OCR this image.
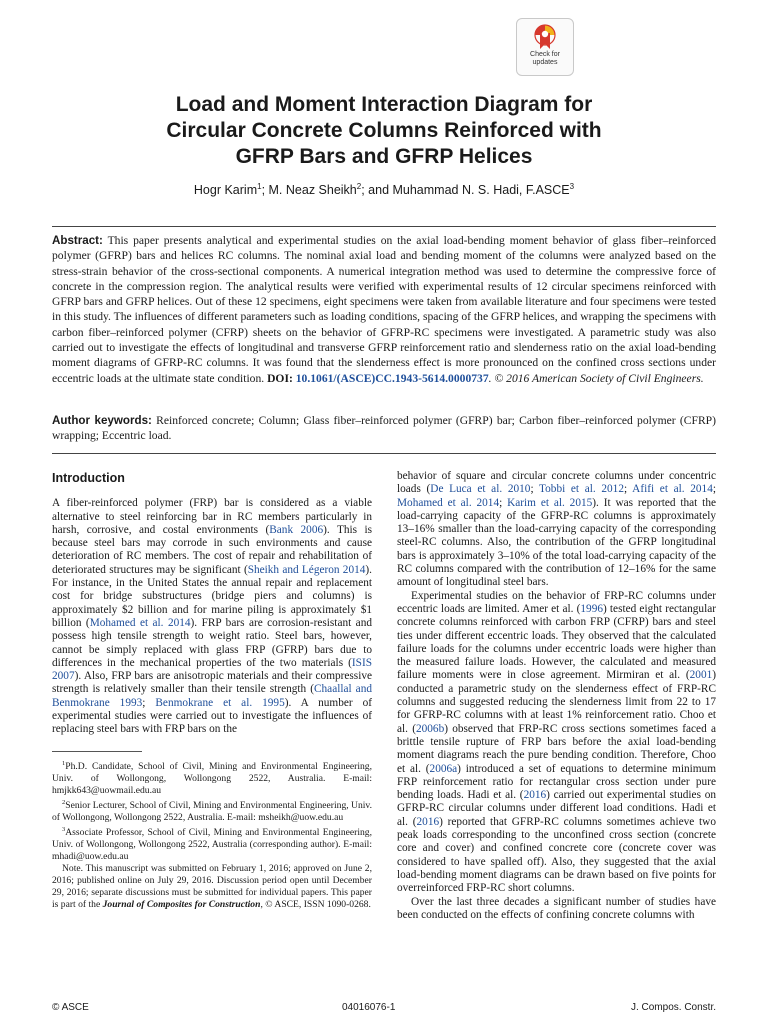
Check for
updates
Load and Moment Interaction Diagram for
Circular Concrete Columns Reinforced with
GFRP Bars and GFRP Helices
Hogr Karim$^1$; M. Neaz Sheikh$^2$; and Muhammad N. S. Hadi, F.ASCE$^3$
Abstract: This paper presents analytical and experimental studies on the axial load-bending moment behavior of glass fiber–reinforced polymer (GFRP) bars and helices RC columns. The nominal axial load and bending moment of the columns were analyzed based on the stress-strain behavior of the cross-sectional components. A numerical integration method was used to determine the compressive force of concrete in the compression region. The analytical results were verified with experimental results of 12 circular specimens reinforced with GFRP bars and GFRP helices. Out of these 12 specimens, eight specimens were taken from available literature and four specimens were tested in this study. The influences of different parameters such as loading conditions, spacing of the GFRP helices, and wrapping the specimens with carbon fiber–reinforced polymer (CFRP) sheets on the behavior of GFRP-RC specimens were investigated. A parametric study was also carried out to investigate the effects of longitudinal and transverse GFRP reinforcement ratio and slenderness ratio on the axial load-bending moment diagrams of GFRP-RC columns. It was found that the slenderness effect is more pronounced on the confined cross sections under eccentric loads at the ultimate state condition. DOI: 10.1061/(ASCE)CC.1943-5614.0000737. © 2016 American Society of Civil Engineers.
Author keywords: Reinforced concrete; Column; Glass fiber–reinforced polymer (GFRP) bar; Carbon fiber–reinforced polymer (CFRP) wrapping; Eccentric load.
Introduction

A fiber-reinforced polymer (FRP) bar is considered as a viable alternative to steel reinforcing bar in RC members particularly in harsh, corrosive, and costal environments (Bank 2006). This is because steel bars may corrode in such environments and cause deterioration of RC members. The cost of repair and rehabilitation of deteriorated structures may be significant (Sheikh and Légeron 2014). For instance, in the United States the annual repair and replacement cost for bridge substructures (bridge piers and columns) is approximately $2 billion and for marine piling is approximately $1 billion (Mohamed et al. 2014). FRP bars are corrosion-resistant and possess high tensile strength to weight ratio. Steel bars, however, cannot be simply replaced with glass FRP (GFRP) bars due to differences in the mechanical properties of the two materials (ISIS 2007). Also, FRP bars are anisotropic materials and their compressive strength is relatively smaller than their tensile strength (Chaallal and Benmokrane 1993; Benmokrane et al. 1995). A number of experimental studies were carried out to investigate the influences of replacing steel bars with FRP bars on the

$^1$Ph.D. Candidate, School of Civil, Mining and Environmental Engineering, Univ. of Wollongong, Wollongong 2522, Australia. E-mail: hmjkk643@uowmail.edu.au

$^2$Senior Lecturer, School of Civil, Mining and Environmental Engineering, Univ. of Wollongong, Wollongong 2522, Australia. E-mail: msheikh@uow.edu.au

$^3$Associate Professor, School of Civil, Mining and Environmental Engineering, Univ. of Wollongong, Wollongong 2522, Australia (corresponding author). E-mail: mhadi@uow.edu.au

Note. This manuscript was submitted on February 1, 2016; approved on June 2, 2016; published online on July 29, 2016. Discussion period open until December 29, 2016; separate discussions must be submitted for individual papers. This paper is part of the Journal of Composites for Construction, © ASCE, ISSN 1090-0268.

behavior of square and circular concrete columns under concentric loads (De Luca et al. 2010; Tobbi et al. 2012; Afifi et al. 2014; Mohamed et al. 2014; Karim et al. 2015). It was reported that the load-carrying capacity of the GFRP-RC columns is approximately 13–16% smaller than the load-carrying capacity of the corresponding steel-RC columns. Also, the contribution of the GFRP longitudinal bars is approximately 3–10% of the total load-carrying capacity of the RC columns compared with the contribution of 12–16% for the same amount of longitudinal steel bars.

Experimental studies on the behavior of FRP-RC columns under eccentric loads are limited. Amer et al. (1996) tested eight rectangular concrete columns reinforced with carbon FRP (CFRP) bars and steel ties under different eccentric loads. They observed that the calculated failure loads for the columns under eccentric loads were higher than the measured failure loads. However, the calculated and measured failure moments were in close agreement. Mirmiran et al. (2001) conducted a parametric study on the slenderness effect of FRP-RC columns and suggested reducing the slenderness limit from 22 to 17 for GFRP-RC columns with at least 1% reinforcement ratio. Choo et al. (2006b) observed that FRP-RC cross sections sometimes faced a brittle tensile rupture of FRP bars before the axial load-bending moment diagrams reach the pure bending condition. Therefore, Choo et al. (2006a) introduced a set of equations to determine minimum FRP reinforcement ratio for rectangular cross section under pure bending loads. Hadi et al. (2016) carried out experimental studies on GFRP-RC circular columns under different load conditions. Hadi et al. (2016) reported that GFRP-RC columns sometimes achieve two peak loads corresponding to the unconfined cross section (concrete core and cover) and confined concrete core (concrete cover was considered to have spalled off). Also, they suggested that the axial load-bending moment diagrams can be drawn based on five points for overreinforced FRP-RC short columns.

Over the last three decades a significant number of studies have been conducted on the effects of confining concrete columns with

© ASCE	04016076-1	J. Compos. Constr.
